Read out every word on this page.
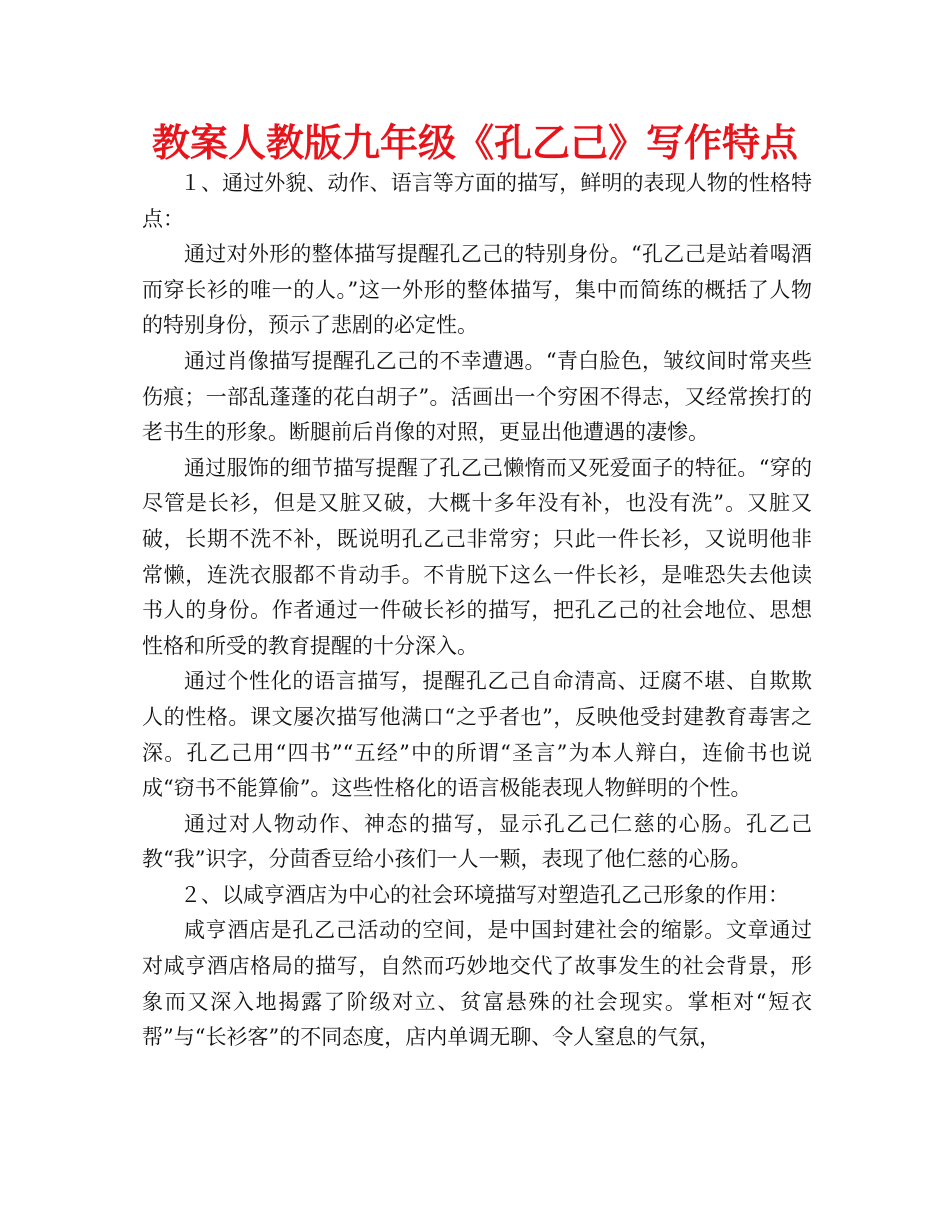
教案人教版九年级《孔乙己》写作特点

１、通过外貌、动作、语言等方面的描写，鲜明的表现人物的性格特点：

通过对外形的整体描写提醒孔乙己的特别身份。“孔乙己是站着喝酒而穿长衫的唯一的人。”这一外形的整体描写，集中而简练的概括了人物的特别身份，预示了悲剧的必定性。

通过肖像描写提醒孔乙己的不幸遭遇。“青白脸色，皱纹间时常夹些伤痕；一部乱蓬蓬的花白胡子”。活画出一个穷困不得志，又经常挨打的老书生的形象。断腿前后肖像的对照，更显出他遭遇的凄惨。

通过服饰的细节描写提醒了孔乙己懒惰而又死爱面子的特征。“穿的尽管是长衫，但是又脏又破，大概十多年没有补，也没有洗”。又脏又破，长期不洗不补，既说明孔乙己非常穷；只此一件长衫，又说明他非常懒，连洗衣服都不肯动手。不肯脱下这么一件长衫，是唯恐失去他读书人的身份。作者通过一件破长衫的描写，把孔乙己的社会地位、思想性格和所受的教育提醒的十分深入。

通过个性化的语言描写，提醒孔乙己自命清高、迂腐不堪、自欺欺人的性格。课文屡次描写他满口“之乎者也”，反映他受封建教育毒害之深。孔乙己用“四书”“五经”中的所谓“圣言”为本人辩白，连偷书也说成“窃书不能算偷”。这些性格化的语言极能表现人物鲜明的个性。

通过对人物动作、神态的描写，显示孔乙己仁慈的心肠。孔乙己教“我”识字，分茴香豆给小孩们一人一颗，表现了他仁慈的心肠。

２、以咸亨酒店为中心的社会环境描写对塑造孔乙己形象的作用：

咸亨酒店是孔乙己活动的空间，是中国封建社会的缩影。文章通过对咸亨酒店格局的描写，自然而巧妙地交代了故事发生的社会背景，形象而又深入地揭露了阶级对立、贫富悬殊的社会现实。掌柜对“短衣帮”与“长衫客”的不同态度，店内单调无聊、令人窒息的气氛，
